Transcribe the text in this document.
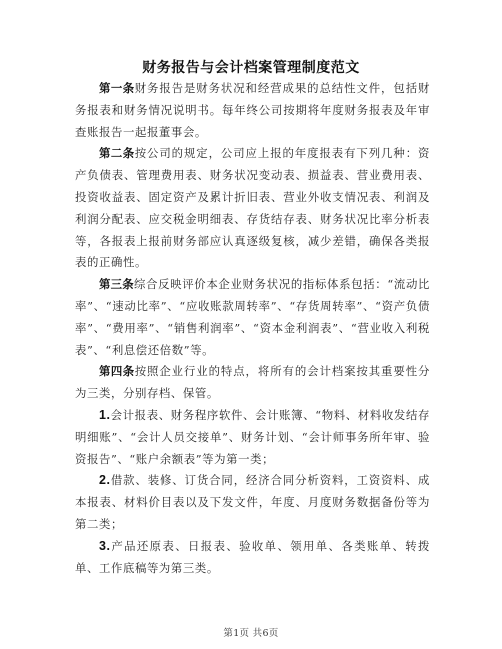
财务报告与会计档案管理制度范文

第一条财务报告是财务状况和经营成果的总结性文件，包括财务报表和财务情况说明书。每年终公司按期将年度财务报表及年审查账报告一起报董事会。

第二条按公司的规定，公司应上报的年度报表有下列几种：资产负债表、管理费用表、财务状况变动表、损益表、营业费用表、投资收益表、固定资产及累计折旧表、营业外收支情况表、利润及利润分配表、应交税金明细表、存货结存表、财务状况比率分析表等，各报表上报前财务部应认真逐级复核，减少差错，确保各类报表的正确性。

第三条综合反映评价本企业财务状况的指标体系包括：“流动比率”、“速动比率”、“应收账款周转率”、“存货周转率”、“资产负债率”、“费用率”、“销售利润率”、“资本金利润表”、“营业收入利税表”、“利息偿还倍数”等。

第四条按照企业行业的特点，将所有的会计档案按其重要性分为三类，分别存档、保管。

1.会计报表、财务程序软件、会计账簿、“物料、材料收发结存明细账”、“会计人员交接单”、财务计划、“会计师事务所年审、验资报告”、“账户余额表”等为第一类；

2.借款、装修、订货合同，经济合同分析资料，工资资料、成本报表、材料价目表以及下发文件，年度、月度财务数据备份等为第二类；

3.产品还原表、日报表、验收单、领用单、各类账单、转拨单、工作底稿等为第三类。

第1页 共6页
